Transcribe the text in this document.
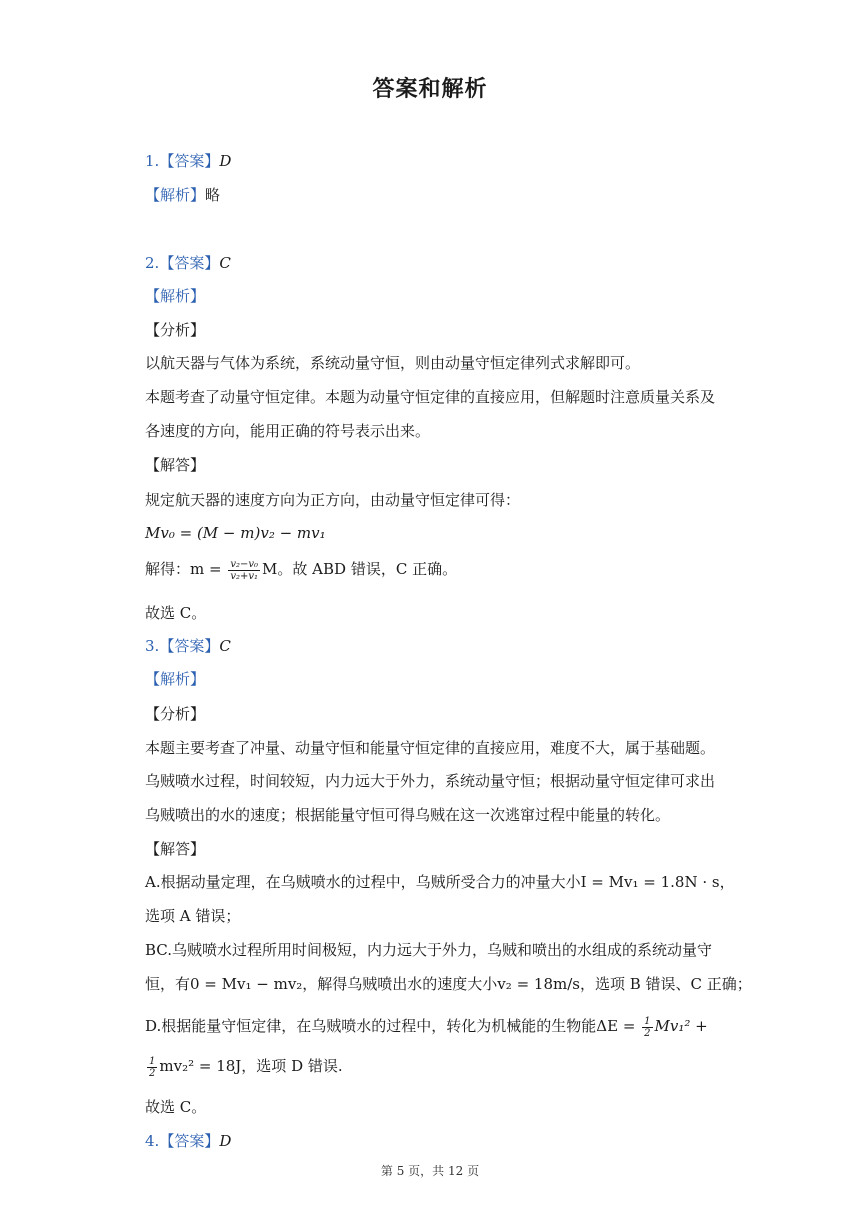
答案和解析
1.【答案】D
【解析】略
2.【答案】C
【解析】
【分析】
以航天器与气体为系统，系统动量守恒，则由动量守恒定律列式求解即可。
本题考查了动量守恒定律。本题为动量守恒定律的直接应用，但解题时注意质量关系及
各速度的方向，能用正确的符号表示出来。
【解答】
规定航天器的速度方向为正方向，由动量守恒定律可得：
Mv₀ = (M − m)v₂ − mv₁
解得：$m = \frac{\text{v₂−v₀}}{\text{v₂+v₁}}$ M。故 ABD 错误，C 正确。
故选 C。
3.【答案】C
【解析】
【分析】
本题主要考查了冲量、动量守恒和能量守恒定律的直接应用，难度不大，属于基础题。
乌贼喷水过程，时间较短，内力远大于外力，系统动量守恒；根据动量守恒定律可求出
乌贼喷出的水的速度；根据能量守恒可得乌贼在这一次逃窜过程中能量的转化。
【解答】
A.根据动量定理，在乌贼喷水的过程中，乌贼所受合力的冲量大小I = Mv₁ = 1.8N · s，
选项 A 错误；
BC.乌贼喷水过程所用时间极短，内力远大于外力，乌贼和喷出的水组成的系统动量守
恒，有0 = Mv₁ − mv₂，解得乌贼喷出水的速度大小v₂ = 18m/s，选项 B 错误、C 正确；
D.根据能量守恒定律，在乌贼喷水的过程中，转化为机械能的生物能$\Delta E = \frac{1}{2} Mv_1^2$ +
$\frac{1}{2} mv_2^2 = 18J$，选项 D 错误.
故选 C。
4.【答案】D
第 5 页，共 12 页
